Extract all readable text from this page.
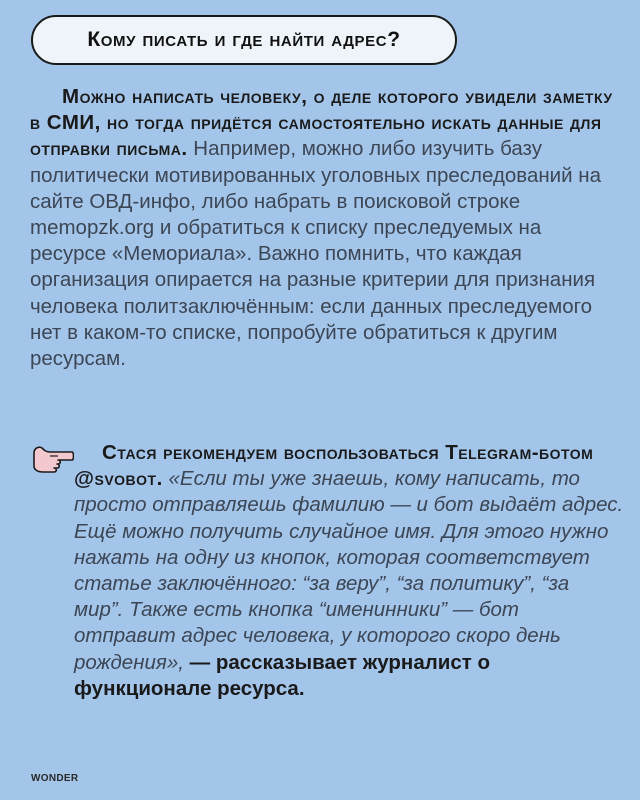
Кому писать и где найти адрес?
Можно написать человеку, о деле которого увидели заметку в СМИ, но тогда придётся самостоятельно искать данные для отправки письма. Например, можно либо изучить базу политически мотивированных уголовных преследований на сайте ОВД-инфо, либо набрать в поисковой строке memopzk.org и обратиться к списку преследуемых на ресурсе «Мемориала». Важно помнить, что каждая организация опирается на разные критерии для признания человека политзаключённым: если данных преследуемого нет в каком-то списке, попробуйте обратиться к другим ресурсам.
Стася рекомендуем воспользоваться Telegram-ботом @svobot. «Если ты уже знаешь, кому написать, то просто отправляешь фамилию — и бот выдаёт адрес. Ещё можно получить случайное имя. Для этого нужно нажать на одну из кнопок, которая соответствует статье заключённого: “за веру”, “за политику”, “за мир”. Также есть кнопка “именинники” — бот отправит адрес человека, у которого скоро день рождения», — рассказывает журналист о функционале ресурса.
WONDER
